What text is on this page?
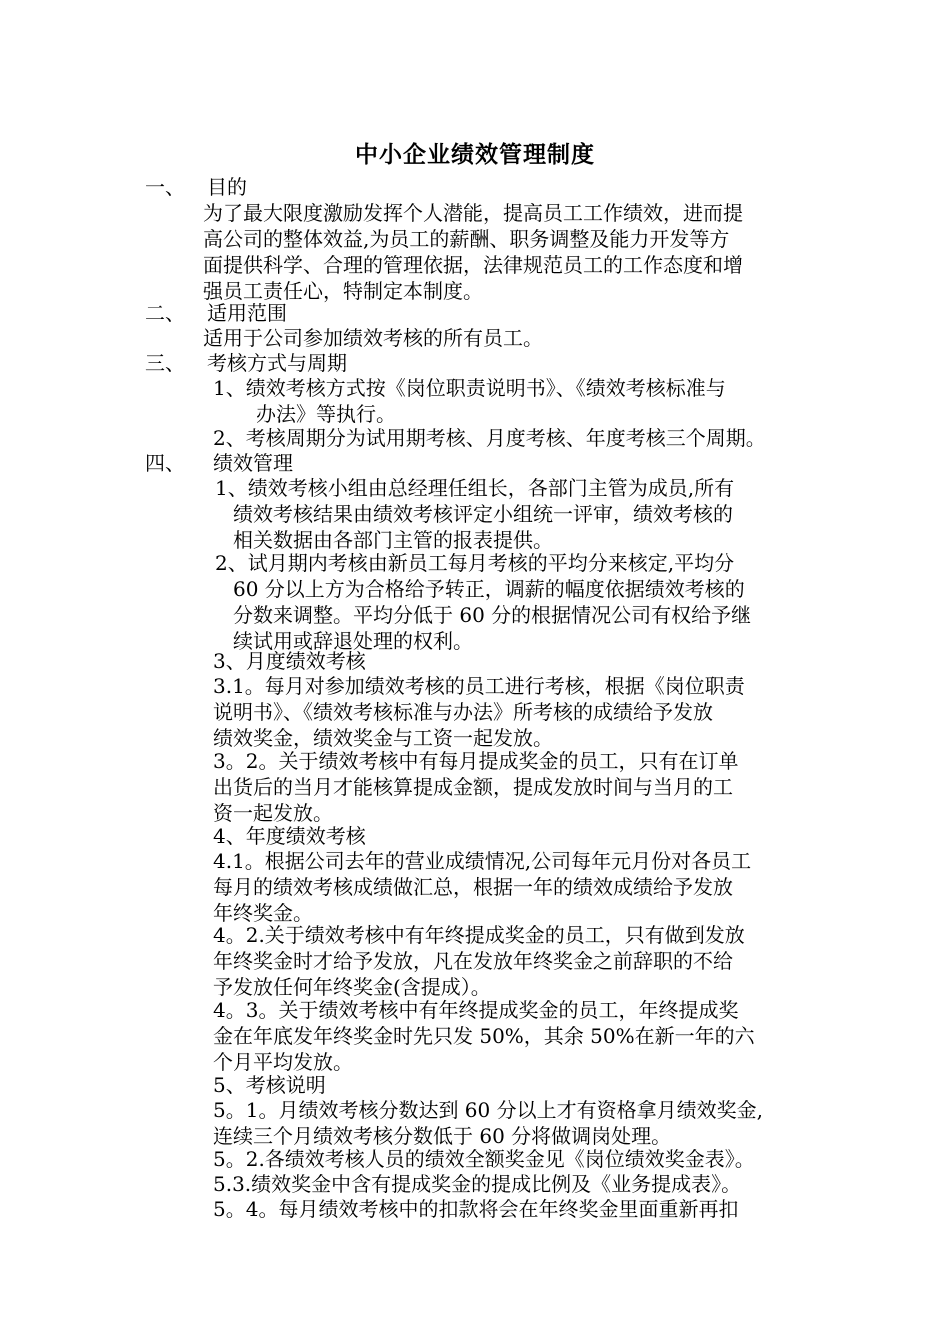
中小企业绩效管理制度
一、 目的
为了最大限度激励发挥个人潜能，提高员工工作绩效，进而提
高公司的整体效益,为员工的薪酬、职务调整及能力开发等方
面提供科学、合理的管理依据，法律规范员工的工作态度和增
强员工责任心，特制定本制度。
二、 适用范围
适用于公司参加绩效考核的所有员工。
三、 考核方式与周期
1、绩效考核方式按《岗位职责说明书》、《绩效考核标准与
办法》等执行。
2、考核周期分为试用期考核、月度考核、年度考核三个周期。
四、 绩效管理
1、绩效考核小组由总经理任组长，各部门主管为成员,所有
绩效考核结果由绩效考核评定小组统一评审，绩效考核的
相关数据由各部门主管的报表提供。
2、试月期内考核由新员工每月考核的平均分来核定,平均分
60 分以上方为合格给予转正，调薪的幅度依据绩效考核的
分数来调整。平均分低于 60 分的根据情况公司有权给予继
续试用或辞退处理的权利。
3、月度绩效考核
3.1。每月对参加绩效考核的员工进行考核，根据《岗位职责
说明书》、《绩效考核标准与办法》所考核的成绩给予发放
绩效奖金，绩效奖金与工资一起发放。
3。2。关于绩效考核中有每月提成奖金的员工，只有在订单
出货后的当月才能核算提成金额，提成发放时间与当月的工
资一起发放。
4、年度绩效考核
4.1。根据公司去年的营业成绩情况,公司每年元月份对各员工
每月的绩效考核成绩做汇总，根据一年的绩效成绩给予发放
年终奖金。
4。2.关于绩效考核中有年终提成奖金的员工，只有做到发放
年终奖金时才给予发放，凡在发放年终奖金之前辞职的不给
予发放任何年终奖金(含提成）。
4。3。关于绩效考核中有年终提成奖金的员工，年终提成奖
金在年底发年终奖金时先只发 50%，其余 50%在新一年的六
个月平均发放。
5、考核说明
5。1。月绩效考核分数达到 60 分以上才有资格拿月绩效奖金,
连续三个月绩效考核分数低于 60 分将做调岗处理。
5。2.各绩效考核人员的绩效全额奖金见《岗位绩效奖金表》。
5.3.绩效奖金中含有提成奖金的提成比例及《业务提成表》。
5。4。每月绩效考核中的扣款将会在年终奖金里面重新再扣
